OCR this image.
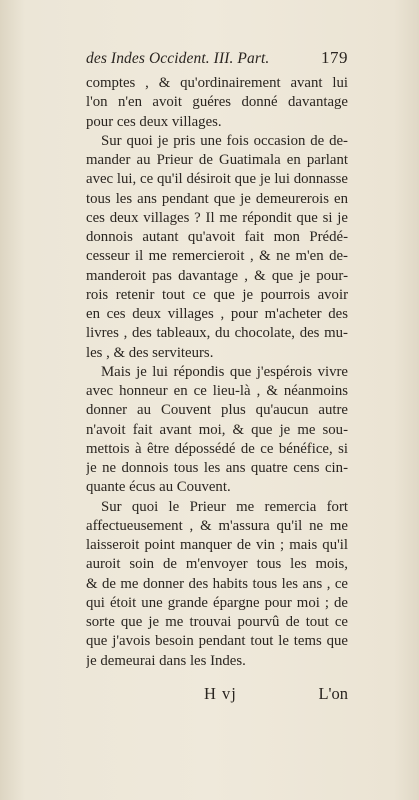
des Indes Occident. III. Part.	179
comptes , & qu'ordinairement avant lui
l'on n'en avoit guéres donné davantage
pour ces deux villages.
Sur quoi je pris une fois occasion de de-
mander au Prieur de Guatimala en parlant
avec lui, ce qu'il désiroit que je lui donnasse
tous les ans pendant que je demeurerois en
ces deux villages ? Il me répondit que si je
donnois autant qu'avoit fait mon Prédé-
cesseur il me remercieroit , & ne m'en de-
manderoit pas davantage , & que je pour-
rois retenir tout ce que je pourrois avoir
en ces deux villages , pour m'acheter des
livres , des tableaux, du chocolate, des mu-
les , & des serviteurs.
Mais je lui répondis que j'espérois vivre
avec honneur en ce lieu-là , & néanmoins
donner au Couvent plus qu'aucun autre
n'avoit fait avant moi, & que je me sou-
mettois à être dépossédé de ce bénéfice, si
je ne donnois tous les ans quatre cens cin-
quante écus au Couvent.
Sur quoi le Prieur me remercia fort
affectueusement , & m'assura qu'il ne me
laisseroit point manquer de vin ; mais qu'il
auroit soin de m'envoyer tous les mois,
& de me donner des habits tous les ans , ce
qui étoit une grande épargne pour moi ; de
sorte que je me trouvai pourvû de tout ce
que j'avois besoin pendant tout le tems que
je demeurai dans les Indes.
H vj	L'on
